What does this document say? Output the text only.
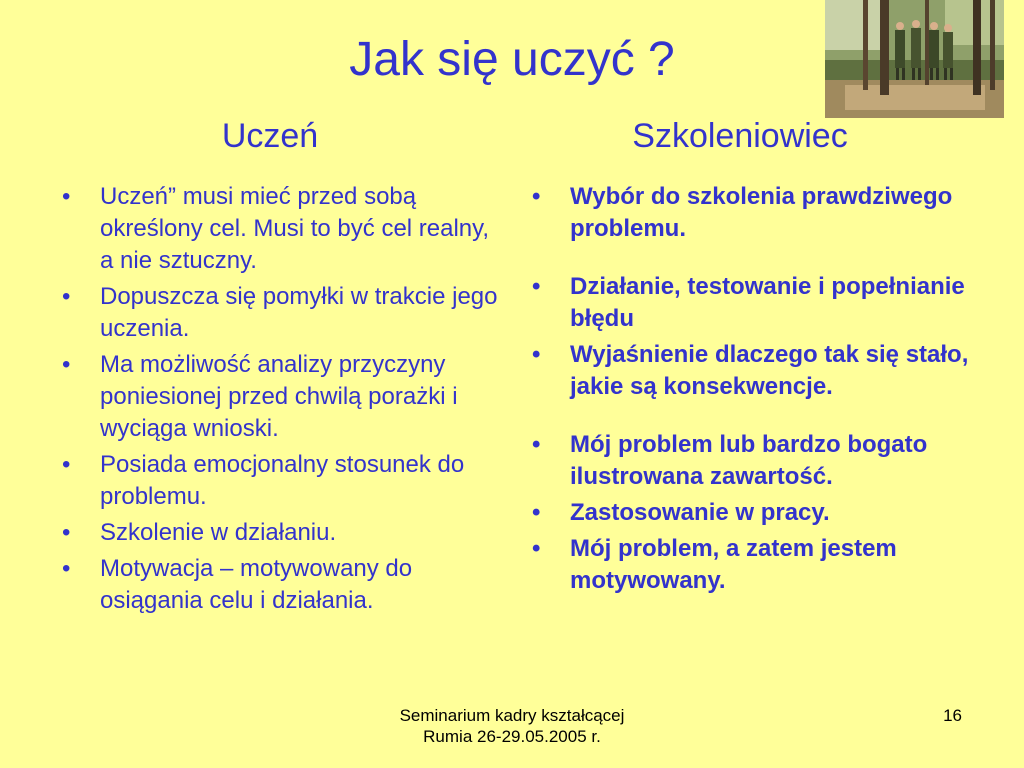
Jak się uczyć ?
Uczeń	Szkoleniowiec
• Uczeń” musi mieć przed sobą określony cel. Musi to być cel realny, a nie sztuczny.
• Dopuszcza się pomyłki w trakcie jego uczenia.
• Ma możliwość analizy przyczyny poniesionej przed chwilą porażki i wyciąga wnioski.
• Posiada emocjonalny stosunek do problemu.
• Szkolenie w działaniu.
• Motywacja – motywowany do osiągania celu i działania.
• Wybór do szkolenia prawdziwego problemu.
• Działanie, testowanie i popełnianie błędu
• Wyjaśnienie dlaczego tak się stało, jakie są konsekwencje.
• Mój problem lub bardzo bogato ilustrowana zawartość.
• Zastosowanie w pracy.
• Mój problem, a zatem jestem motywowany.
Seminarium kadry kształcącej
Rumia 26-29.05.2005 r.
16
